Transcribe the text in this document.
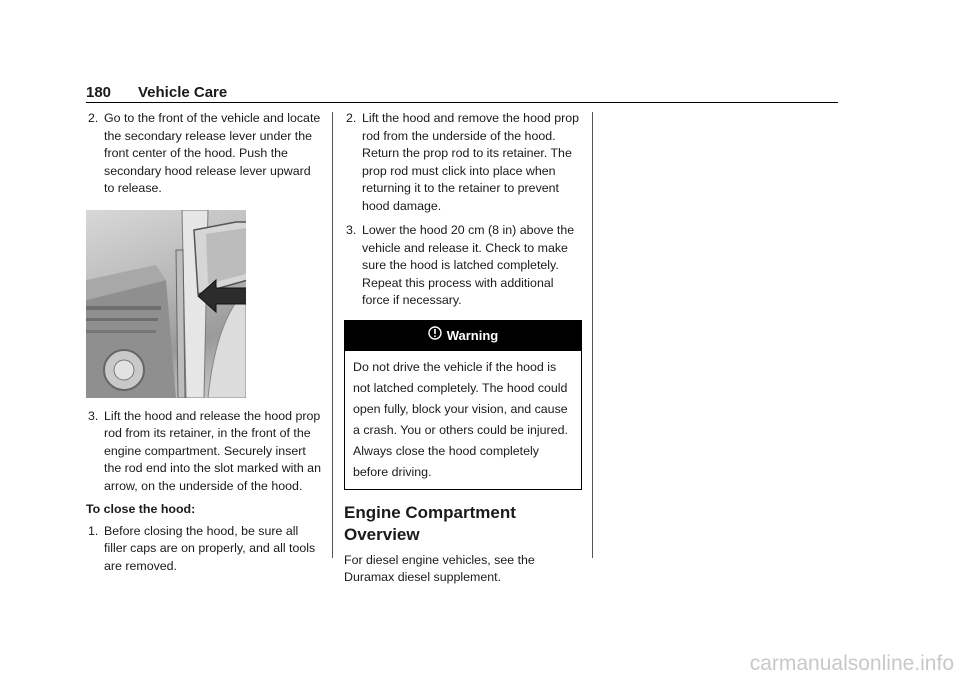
180 Vehicle Care

2. Go to the front of the vehicle and locate the secondary release lever under the front center of the hood. Push the secondary hood release lever upward to release.

3. Lift the hood and release the hood prop rod from its retainer, in the front of the engine compartment. Securely insert the rod end into the slot marked with an arrow, on the underside of the hood.

To close the hood:

1. Before closing the hood, be sure all filler caps are on properly, and all tools are removed.

2. Lift the hood and remove the hood prop rod from the underside of the hood. Return the prop rod to its retainer. The prop rod must click into place when returning it to the retainer to prevent hood damage.

3. Lower the hood 20 cm (8 in) above the vehicle and release it. Check to make sure the hood is latched completely. Repeat this process with additional force if necessary.

Warning
Do not drive the vehicle if the hood is not latched completely. The hood could open fully, block your vision, and cause a crash. You or others could be injured. Always close the hood completely before driving.
Engine Compartment Overview
For diesel engine vehicles, see the Duramax diesel supplement.
carmanualsonline.info
